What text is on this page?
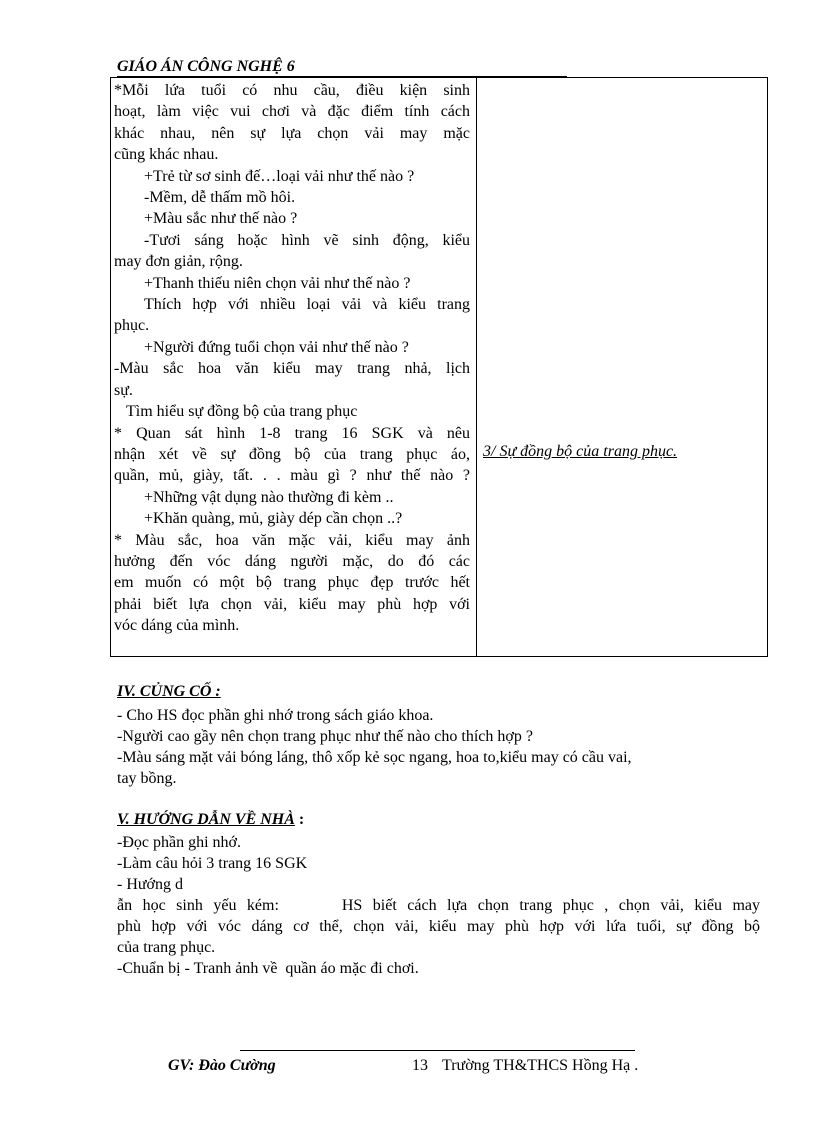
GIÁO ÁN CÔNG NGHỆ 6
*Mỗi lứa tuổi có nhu cầu, điều kiện sinh
hoạt, làm việc vui chơi và đặc điểm tính cách
khác nhau, nên sự lựa chọn vải may mặc
cũng khác nhau.
+Trẻ từ sơ sinh đế…loại vải như thế nào ?
-Mềm, dễ thấm mồ hôi.
+Màu sắc như thế nào ?
-Tươi sáng hoặc hình vẽ sinh động, kiểu
may đơn giản, rộng.
+Thanh thiếu niên chọn vải như thế nào ?
Thích hợp với nhiều loại vải và kiểu trang
phục.
+Người đứng tuổi chọn vải như thế nào ?
-Màu sắc hoa văn kiểu may trang nhả, lịch
sự.
Tìm hiểu sự đồng bộ của trang phục
* Quan sát hình 1-8 trang 16 SGK và nêu
nhận xét về sự đồng bộ của trang phục áo,
quần, mủ, giày, tất. . . màu gì ? như thế nào ?
+Những vật dụng nào thường đi kèm ..
+Khăn quàng, mủ, giày dép cần chọn ..?
* Màu sắc, hoa văn mặc vải, kiểu may ảnh
hưởng đến vóc dáng người mặc, do đó các
em muốn có một bộ trang phục đẹp trước hết
phải biết lựa chọn vải, kiểu may phù hợp với
vóc dáng của mình.
3/ Sự đồng bộ của trang phục.
IV. CỦNG CỐ :
- Cho HS đọc phần ghi nhớ trong sách giáo khoa.
-Người cao gầy nên chọn trang phục như thế nào cho thích hợp ?
-Màu sáng mặt vải bóng láng, thô xốp kẻ sọc ngang, hoa to,kiểu may có cầu vai,
tay bồng.
V. HƯỚNG DẪN VỀ NHÀ :
-Đọc phần ghi nhớ.
-Làm câu hỏi 3 trang 16 SGK
- Hướng d
ẫn học sinh yếu kém:      HS biết cách lựa chọn trang phục , chọn vải, kiểu may
phù hợp với vóc dáng cơ thể, chọn vải, kiểu may phù hợp với lứa tuổi, sự đồng bộ
của trang phục.
-Chuẩn bị - Tranh ảnh về  quần áo mặc đi chơi.
GV: Đào Cường	13 Trường TH&THCS Hồng Hạ .
